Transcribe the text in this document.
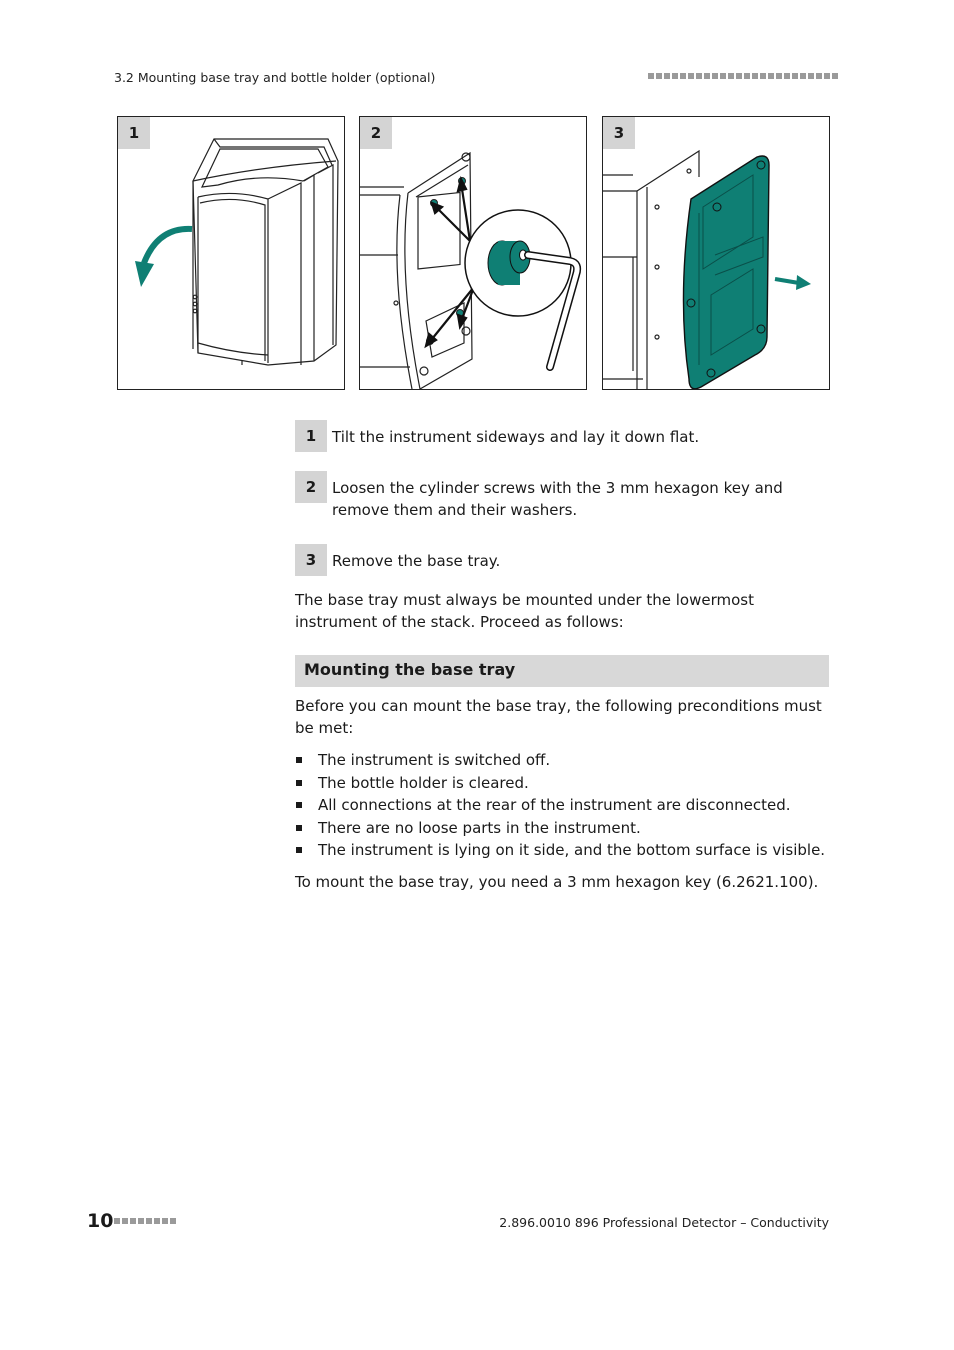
3.2 Mounting base tray and bottle holder (optional)
1	2	3
1	Tilt the instrument sideways and lay it down flat.
2	Loosen the cylinder screws with the 3 mm hexagon key and remove them and their washers.
3	Remove the base tray.
The base tray must always be mounted under the lowermost instrument of the stack. Proceed as follows:
Mounting the base tray
Before you can mount the base tray, the following preconditions must be met:
The instrument is switched off.
The bottle holder is cleared.
All connections at the rear of the instrument are disconnected.
There are no loose parts in the instrument.
The instrument is lying on it side, and the bottom surface is visible.
To mount the base tray, you need a 3 mm hexagon key (6.2621.100).
10	2.896.0010 896 Professional Detector – Conductivity
